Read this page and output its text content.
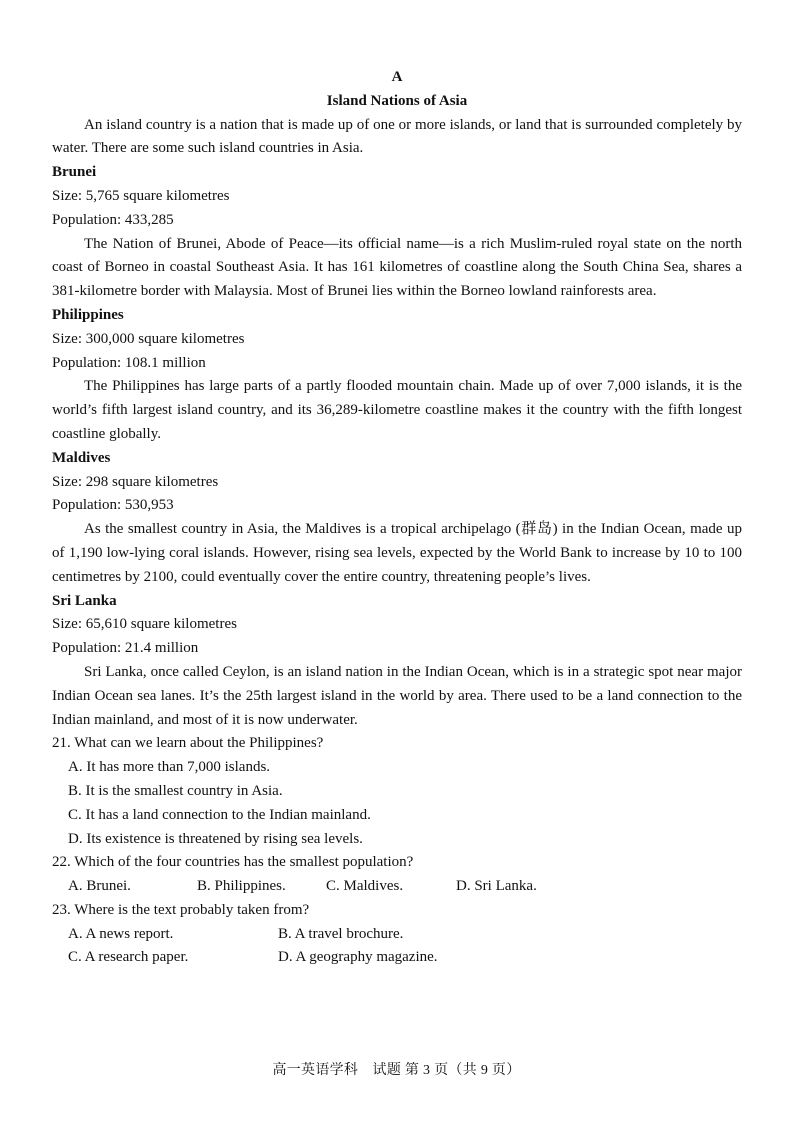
A

Island Nations of Asia

An island country is a nation that is made up of one or more islands, or land that is surrounded completely by water. There are some such island countries in Asia.

Brunei

Size: 5,765 square kilometres

Population: 433,285

The Nation of Brunei, Abode of Peace—its official name—is a rich Muslim-ruled royal state on the north coast of Borneo in coastal Southeast Asia. It has 161 kilometres of coastline along the South China Sea, shares a 381-kilometre border with Malaysia. Most of Brunei lies within the Borneo lowland rainforests area.

Philippines

Size: 300,000 square kilometres

Population: 108.1 million

The Philippines has large parts of a partly flooded mountain chain. Made up of over 7,000 islands, it is the world’s fifth largest island country, and its 36,289-kilometre coastline makes it the country with the fifth longest coastline globally.

Maldives

Size: 298 square kilometres

Population: 530,953

As the smallest country in Asia, the Maldives is a tropical archipelago (群岛) in the Indian Ocean, made up of 1,190 low-lying coral islands. However, rising sea levels, expected by the World Bank to increase by 10 to 100 centimetres by 2100, could eventually cover the entire country, threatening people’s lives.

Sri Lanka

Size: 65,610 square kilometres

Population: 21.4 million

Sri Lanka, once called Ceylon, is an island nation in the Indian Ocean, which is in a strategic spot near major Indian Ocean sea lanes. It’s the 25th largest island in the world by area. There used to be a land connection to the Indian mainland, and most of it is now underwater.

21. What can we learn about the Philippines?

A. It has more than 7,000 islands.

B. It is the smallest country in Asia.

C. It has a land connection to the Indian mainland.

D. Its existence is threatened by rising sea levels.

22. Which of the four countries has the smallest population?

A. Brunei.	B. Philippines.	C. Maldives.	D. Sri Lanka.

23. Where is the text probably taken from?

A. A news report.	B. A travel brochure.
C. A research paper.	D. A geography magazine.
高一英语学科　试题 第 3 页（共 9 页）
